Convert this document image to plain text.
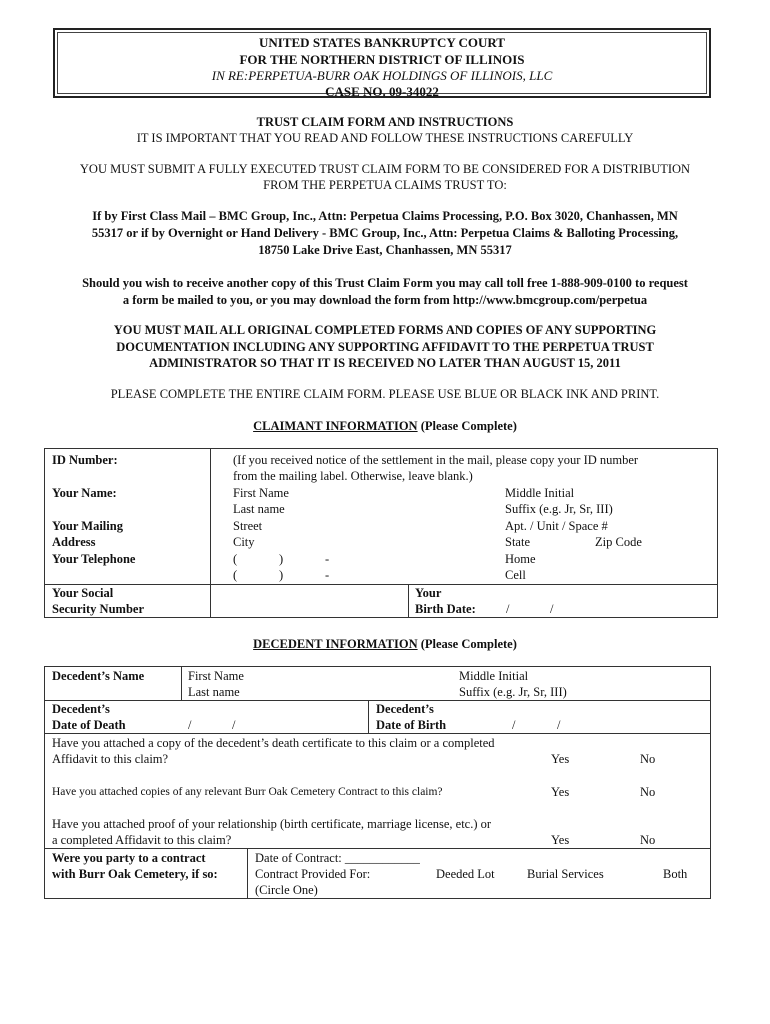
UNITED STATES BANKRUPTCY COURT
FOR THE NORTHERN DISTRICT OF ILLINOIS
IN RE:PERPETUA-BURR OAK HOLDINGS OF ILLINOIS, LLC
CASE NO. 09-34022
TRUST CLAIM FORM AND INSTRUCTIONS
IT IS IMPORTANT THAT YOU READ AND FOLLOW THESE INSTRUCTIONS CAREFULLY
YOU MUST SUBMIT A FULLY EXECUTED TRUST CLAIM FORM TO BE CONSIDERED FOR A DISTRIBUTION
FROM THE PERPETUA CLAIMS TRUST TO:
If by First Class Mail – BMC Group, Inc., Attn: Perpetua Claims Processing, P.O. Box 3020, Chanhassen, MN
55317 or if by Overnight or Hand Delivery - BMC Group, Inc., Attn: Perpetua Claims & Balloting Processing,
18750 Lake Drive East, Chanhassen, MN 55317
Should you wish to receive another copy of this Trust Claim Form you may call toll free 1-888-909-0100 to request
a form be mailed to you, or you may download the form from http://www.bmcgroup.com/perpetua
YOU MUST MAIL ALL ORIGINAL COMPLETED FORMS AND COPIES OF ANY SUPPORTING
DOCUMENTATION INCLUDING ANY SUPPORTING AFFIDAVIT TO THE PERPETUA TRUST
ADMINISTRATOR SO THAT IT IS RECEIVED NO LATER THAN AUGUST 15, 2011
PLEASE COMPLETE THE ENTIRE CLAIM FORM. PLEASE USE BLUE OR BLACK INK AND PRINT.
CLAIMANT INFORMATION (Please Complete)
ID Number:	(If you received notice of the settlement in the mail, please copy your ID number
from the mailing label. Otherwise, leave blank.)
Your Name:	First Name	Middle Initial
Last name	Suffix (e.g. Jr, Sr, III)
Your Mailing
Address
Street	Apt. / Unit / Space #
City	State	Zip Code
Your Telephone	(	)	-	Home
(	)	-	Cell
Your Social
Security Number
Your
Birth Date: /	/
DECEDENT INFORMATION (Please Complete)
Decedent’s Name	First Name	Middle Initial
Last name	Suffix (e.g. Jr, Sr, III)
Decedent’s
Date of Death	/	/
Decedent’s
Date of Birth	/	/
Have you attached a copy of the decedent’s death certificate to this claim or a completed
Affidavit to this claim?	Yes	No
Have you attached copies of any relevant Burr Oak Cemetery Contract to this claim?	Yes	No
Have you attached proof of your relationship (birth certificate, marriage license, etc.) or
a completed Affidavit to this claim?	Yes	No
Were you party to a contract
with Burr Oak Cemetery, if so:
Date of Contract: ____________
Contract Provided For:	Deeded Lot	Burial Services	Both
(Circle One)
